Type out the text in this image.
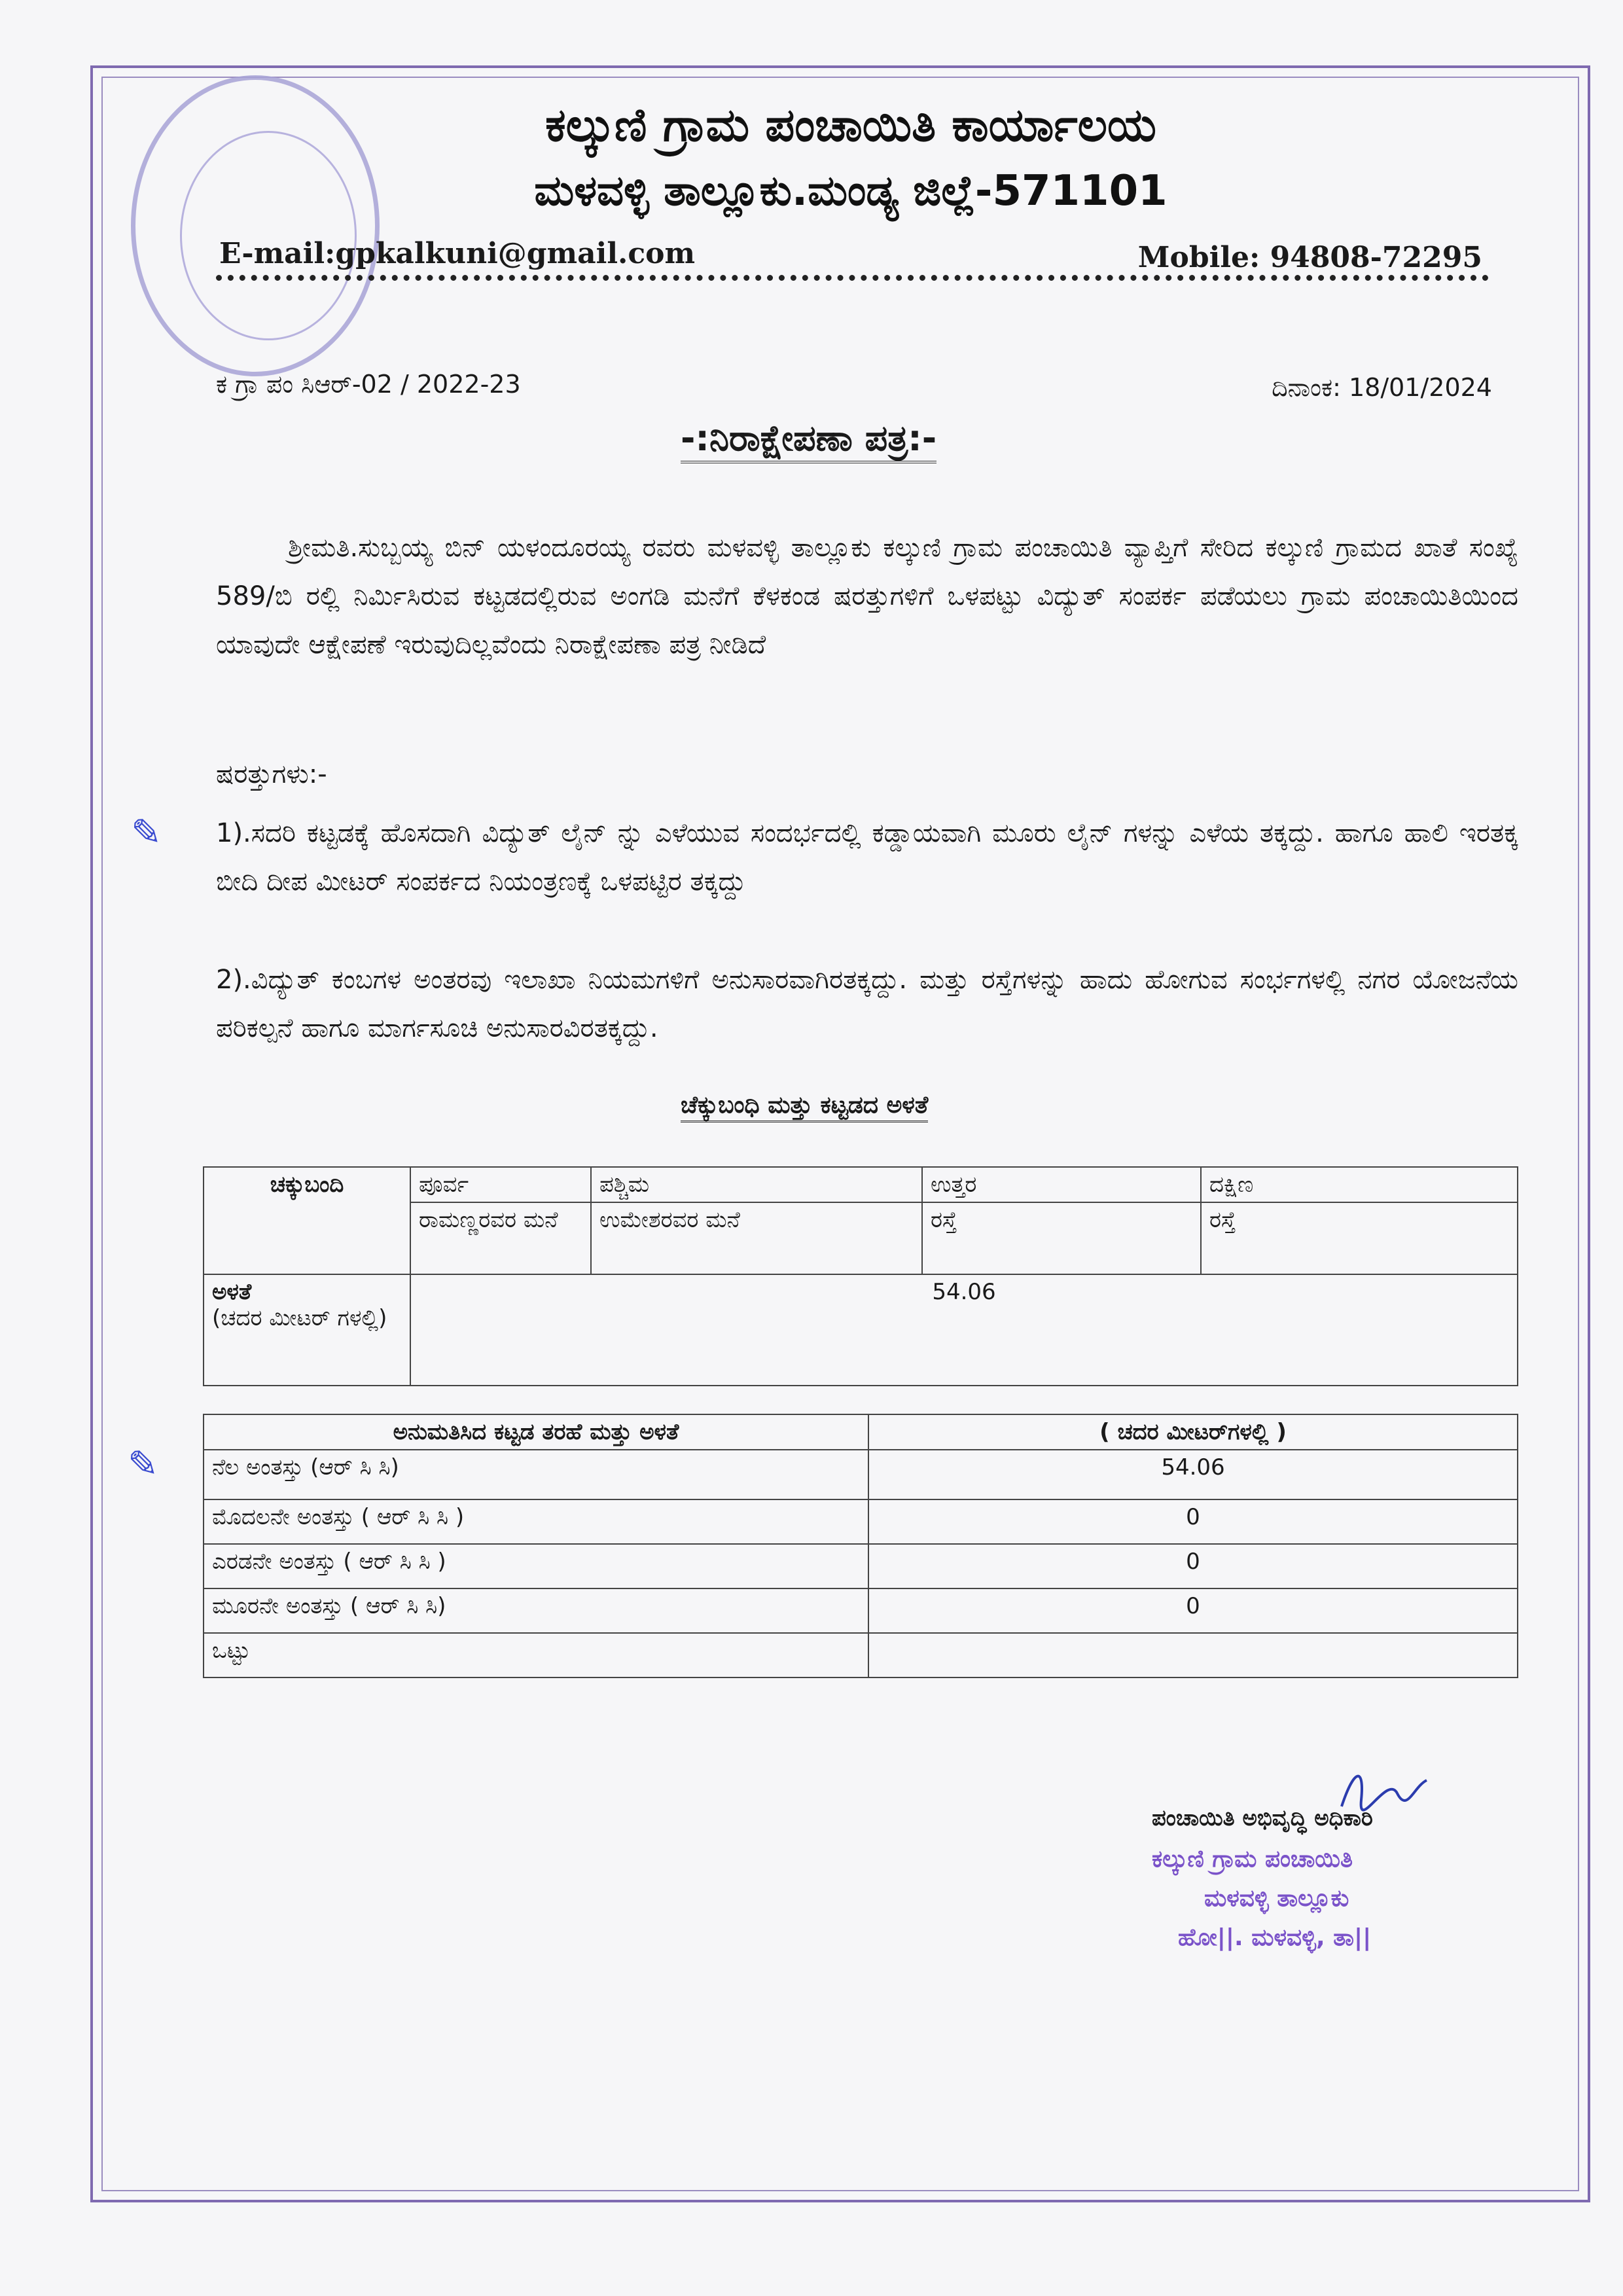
ಕಲ್ಕುಣಿ ಗ್ರಾಮ ಪಂಚಾಯಿತಿ ಕಾರ್ಯಾಲಯ
ಮಳವಳ್ಳಿ ತಾಲ್ಲೂಕು.ಮಂಡ್ಯ ಜಿಲ್ಲೆ-571101
E-mail:gpkalkuni@gmail.com	Mobile: 94808-72295
ಕ ಗ್ರಾ ಪಂ ಸಿಆರ್-02 / 2022-23	ದಿನಾಂಕ: 18/01/2024
-:ನಿರಾಕ್ಷೇಪಣಾ ಪತ್ರ:-
ಶ್ರೀಮತಿ.ಸುಬ್ಬಯ್ಯ ಬಿನ್ ಯಳಂದೂರಯ್ಯ ರವರು ಮಳವಳ್ಳಿ ತಾಲ್ಲೂಕು ಕಲ್ಕುಣಿ ಗ್ರಾಮ ಪಂಚಾಯಿತಿ ವ್ಯಾಪ್ತಿಗೆ ಸೇರಿದ ಕಲ್ಕುಣಿ ಗ್ರಾಮದ ಖಾತೆ ಸಂಖ್ಯೆ 589/ಬಿ ರಲ್ಲಿ ನಿರ್ಮಿಸಿರುವ ಕಟ್ಟಡದಲ್ಲಿರುವ ಅಂಗಡಿ ಮನೆಗೆ ಕೆಳಕಂಡ ಷರತ್ತುಗಳಿಗೆ ಒಳಪಟ್ಟು ವಿದ್ಯುತ್ ಸಂಪರ್ಕ ಪಡೆಯಲು ಗ್ರಾಮ ಪಂಚಾಯಿತಿಯಿಂದ ಯಾವುದೇ ಆಕ್ಷೇಪಣೆ ಇರುವುದಿಲ್ಲವೆಂದು ನಿರಾಕ್ಷೇಪಣಾ ಪತ್ರ ನೀಡಿದೆ
ಷರತ್ತುಗಳು:-
✎ 1).ಸದರಿ ಕಟ್ಟಡಕ್ಕೆ ಹೊಸದಾಗಿ ವಿದ್ಯುತ್ ಲೈನ್ ನ್ನು ಎಳೆಯುವ ಸಂದರ್ಭದಲ್ಲಿ ಕಡ್ಡಾಯವಾಗಿ ಮೂರು ಲೈನ್ ಗಳನ್ನು ಎಳೆಯ ತಕ್ಕದ್ದು. ಹಾಗೂ ಹಾಲಿ ಇರತಕ್ಕ ಬೀದಿ ದೀಪ ಮೀಟರ್ ಸಂಪರ್ಕದ ನಿಯಂತ್ರಣಕ್ಕೆ ಒಳಪಟ್ಟಿರ ತಕ್ಕದ್ದು
2).ವಿದ್ಯುತ್ ಕಂಬಗಳ ಅಂತರವು ಇಲಾಖಾ ನಿಯಮಗಳಿಗೆ ಅನುಸಾರವಾಗಿರತಕ್ಕದ್ದು. ಮತ್ತು ರಸ್ತೆಗಳನ್ನು ಹಾದು ಹೋಗುವ ಸಂರ್ಭಗಳಲ್ಲಿ ನಗರ ಯೋಜನೆಯ ಪರಿಕಲ್ಪನೆ ಹಾಗೂ ಮಾರ್ಗಸೂಚಿ ಅನುಸಾರವಿರತಕ್ಕದ್ದು.
ಚೆಕ್ಕುಬಂಧಿ ಮತ್ತು ಕಟ್ಟಡದ ಅಳತೆ
ಚಕ್ಕುಬಂದಿ	ಪೂರ್ವ	ಪಶ್ಚಿಮ	ಉತ್ತರ	ದಕ್ಷಿಣ
	ರಾಮಣ್ಣರವರ ಮನೆ	ಉಮೇಶರವರ ಮನೆ	ರಸ್ತೆ	ರಸ್ತೆ

ಅಳತೆ
(ಚದರ ಮೀಟರ್ ಗಳಲ್ಲಿ)	54.06			
ಅನುಮತಿಸಿದ ಕಟ್ಟಡ ತರಹೆ ಮತ್ತು ಅಳತೆ	( ಚದರ ಮೀಟರ್‌ಗಳಲ್ಲಿ )
ನೆಲ ಅಂತಸ್ತು (ಆರ್ ಸಿ ಸಿ)	54.06
ಮೊದಲನೇ ಅಂತಸ್ತು ( ಆರ್ ಸಿ ಸಿ )	0
ಎರಡನೇ ಅಂತಸ್ತು ( ಆರ್ ಸಿ ಸಿ )	0
ಮೂರನೇ ಅಂತಸ್ತು ( ಆರ್ ಸಿ ಸಿ)	0
ಒಟ್ಟು	
✎
ಪಂಚಾಯಿತಿ ಅಭಿವೃದ್ಧಿ ಅಧಿಕಾರಿ
ಕಲ್ಕುಣಿ ಗ್ರಾಮ ಪಂಚಾಯಿತಿ
ಮಳವಳ್ಳಿ ತಾಲ್ಲೂಕು
ಹೋ||. ಮಳವಳ್ಳಿ, ತಾ||
